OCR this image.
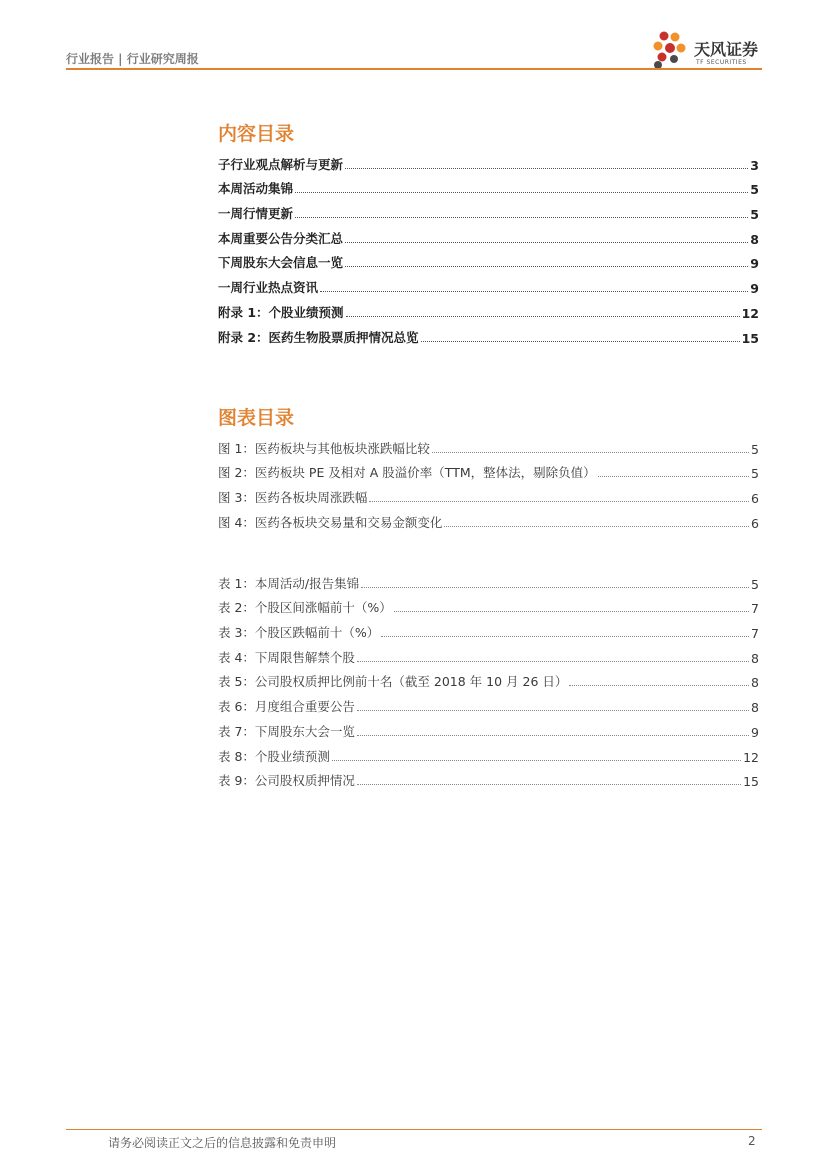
行业报告 | 行业研究周报	天风证券
TF SECURITIES
内容目录
子行业观点解析与更新	3
本周活动集锦	5
一周行情更新	5
本周重要公告分类汇总	8
下周股东大会信息一览	9
一周行业热点资讯	9
附录 1：个股业绩预测	12
附录 2：医药生物股票质押情况总览	15
图表目录
图 1：医药板块与其他板块涨跌幅比较	5
图 2：医药板块 PE 及相对 A 股溢价率（TTM，整体法，剔除负值）	5
图 3：医药各板块周涨跌幅	6
图 4：医药各板块交易量和交易金额变化	6
表 1：本周活动/报告集锦	5
表 2：个股区间涨幅前十（%）	7
表 3：个股区跌幅前十（%）	7
表 4：下周限售解禁个股	8
表 5：公司股权质押比例前十名（截至 2018 年 10 月 26 日）	8
表 6：月度组合重要公告	8
表 7：下周股东大会一览	9
表 8：个股业绩预测	12
表 9：公司股权质押情况	15
请务必阅读正文之后的信息披露和免责申明	2
